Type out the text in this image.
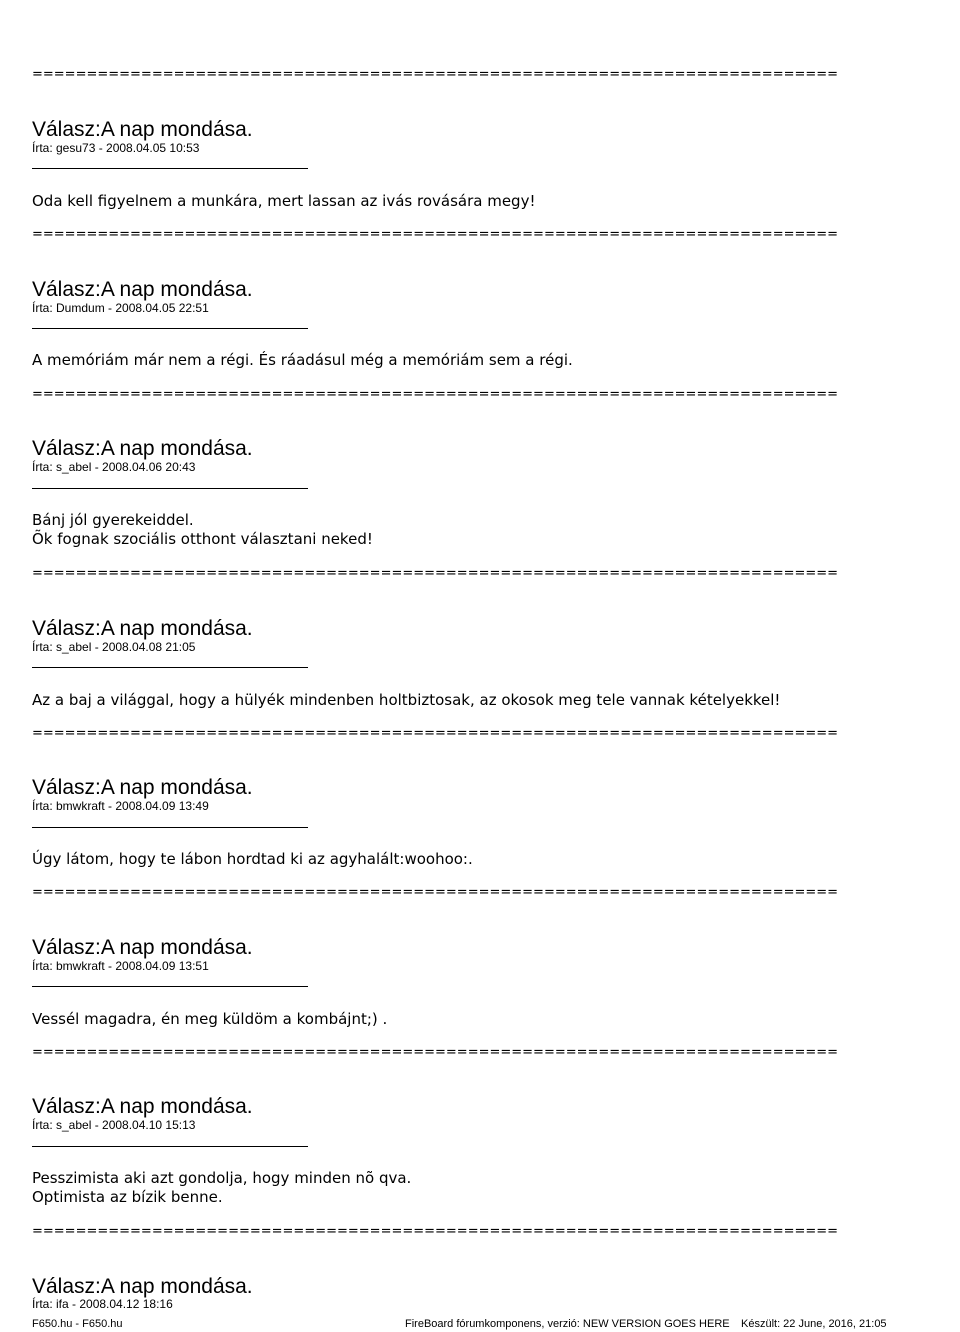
==========================================================================
==========================================================================
==========================================================================
==========================================================================
==========================================================================
==========================================================================
==========================================================================
==========================================================================
Válasz:A nap mondása.
Írta: gesu73 - 2008.04.05 10:53
Oda kell figyelnem a munkára, mert lassan az ivás rovására megy!
Válasz:A nap mondása.
Írta: Dumdum - 2008.04.05 22:51
A memóriám már nem a régi. És ráadásul még a memóriám sem a régi.
Válasz:A nap mondása.
Írta: s_abel - 2008.04.06 20:43
Bánj jól gyerekeiddel.
Õk fognak szociális otthont választani neked!
Válasz:A nap mondása.
Írta: s_abel - 2008.04.08 21:05
Az a baj a világgal, hogy a hülyék mindenben holtbiztosak, az okosok meg tele vannak kételyekkel!
Válasz:A nap mondása.
Írta: bmwkraft - 2008.04.09 13:49
Úgy látom, hogy te lábon hordtad ki az agyhalált:woohoo:.
Válasz:A nap mondása.
Írta: bmwkraft - 2008.04.09 13:51
Vessél magadra, én meg küldöm a kombájnt;) .
Válasz:A nap mondása.
Írta: s_abel - 2008.04.10 15:13
Pesszimista aki azt gondolja, hogy minden nõ qva.
Optimista az bízik benne.
Válasz:A nap mondása.
Írta: ifa - 2008.04.12 18:16
F650.hu - F650.hu	FireBoard fórumkomponens, verzió: NEW VERSION GOES HERE Készült: 22 June, 2016, 21:05
